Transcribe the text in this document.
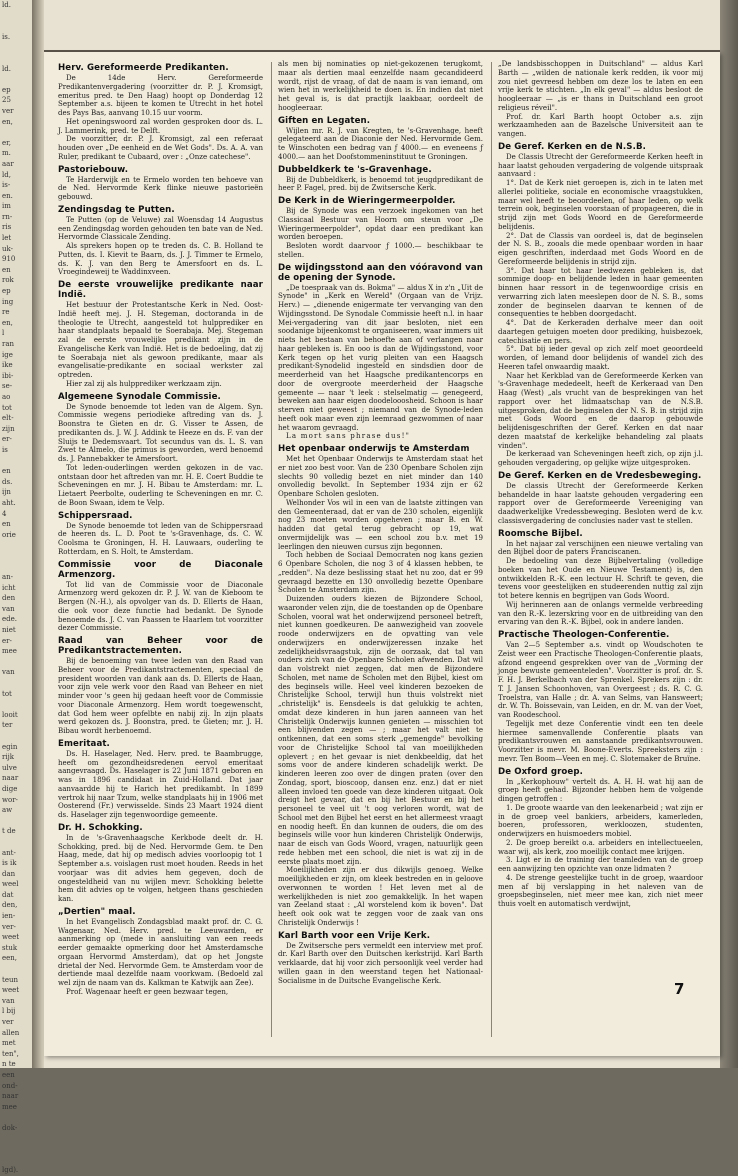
ld.

is.

ld.

ep
25
ver
en,

er,
m.
aar
ld,
is-
en.
im
rn-
ris
let
uk-
910
en
rok
ep
ing
re
en,
l
ran
ige
ike
ibi-
se-
ao
tot
elt-
zijn
er-
is

en
ds.
ijn
aht.
4
en
orie

an-
icht
den
van
ede.
niet
er-
mee

van

tot

looit
ter

egin
rijk
ulve
naar
dige
wor-
aw

t de

ant-
is ik
dan
weel
dat
den,
ien-
ver-
weet
stuk
een,

teun
weet
van
l bij
ver
allen
met
ten",
n te
een
ond-
naar
mee

dok-

lgd).
Herv. Gereformeerde Predikanten.

De 14de Herv. Gereformeerde Predikantenvergadering (voorzitter dr. P. J. Kromsigt, emeritus pred. te Den Haag) hoopt op Donderdag 12 September a.s. bijeen te komen te Utrecht in het hotel des Pays Bas, aanvang 10.15 uur voorm.

Het openingswoord zal worden gesproken door ds. L. J. Lammerink, pred. te Delft.

De voorzitter, dr. P. J. Kromsigt, zal een referaat houden over „De eenheid en de Wet Gods". Ds. A. A. van Ruler, predikant te Cubaard, over : „Onze catechese".

Pastoriebouw.

Te Harderwijk en te Ermelo worden ten behoeve van de Ned. Hervormde Kerk flinke nieuwe pastorieën gebouwd.

Zendingsdag te Putten.

Te Putten (op de Veluwe) zal Woensdag 14 Augustus een Zendingsdag worden gehouden ten bate van de Ned. Hervormde Classicale Zending.

Als sprekers hopen op te treden ds. C. B. Holland te Putten, ds. I. Kievit te Baarn, ds. J. J. Timmer te Ermelo, ds. K. J. van den Berg te Amersfoort en ds. L. Vroegindeweij te Waddinxveen.

De eerste vrouwelijke predikante naar Indië.

Het bestuur der Protestantsche Kerk in Ned. Oost-Indië heeft mej. J. H. Stegeman, doctoranda in de theologie te Utrecht, aangesteld tot hulpprediker en haar standplaats bepaald te Soerabaja. Mej. Stegeman zal de eerste vrouwelijke predikant zijn in de Evangelische Kerk van Indië. Het is de bedoeling, dat zij te Soerabaja niet als gewoon predikante, maar als evangelisatie-predikante en sociaal werkster zal optreden.

Hier zal zij als hulpprediker werkzaam zijn.

Algemeene Synodale Commissie.

De Synode benoemde tot leden van de Algem. Syn. Commissie wegens periodieke aftreding van ds. J. Boonstra te Gieten en dr. G. Visser te Assen, de predikanten ds. J. W. J. Addink te Heeze en ds. F. van der Sluijs te Dedemsvaart. Tot secundus van ds. L. S. van Zwet te Almelo, die primus is geworden, werd benoemd ds. J. Pannebakker te Amersfoort.

Tot leden-ouderlingen werden gekozen in de vac. ontstaan door het aftreden van mr. H. E. Coert Buddie te Scheveningen en mr. J. H. Bibau te Amsterdam: mr. L. Lietaert Peerbolte, ouderling te Scheveningen en mr. C. de Boon Swaan, idem te Velp.

Schippersraad.

De Synode benoemde tot leden van de Schippersraad de heeren ds. L. D. Poot te 's-Gravenhage, ds. C. W. Coolsma te Groningen, H. H. Lauwaars, ouderling te Rotterdam, en S. Holt, te Amsterdam.

Commissie voor de Diaconale Armenzorg.

Tot lid van de Commissie voor de Diaconale Armenzorg werd gekozen dr. P. J. W. van de Kieboom te Bergen (N.-H.), als opvolger van ds. D. Ellerts de Haan, die ook voor deze functie had bedankt. De Synode benoemde ds. J. C. van Paassen te Haarlem tot voorzitter dezer Commissie.

Raad van Beheer voor de Predikantstractementen.

Bij de benoeming van twee leden van den Raad van Beheer voor de Predikantstractementen, speciaal de president woorden van dank aan ds. D. Ellerts de Haan, voor zijn vele werk voor den Raad van Beheer en niet minder voor 's geen hij gedaan heeft voor de Commissie voor Diaconale Armenzorg. Hem wordt toegewenscht, dat God hem weer opfelbte en nabij zij. In zijn plaats werd gekozen ds. J. Boonstra, pred. te Gieten; mr. J. H. Bibau wordt herbenoemd.

Emeritaat.

Ds. H. Haselager, Ned. Herv. pred. te Baambrugge, heeft om gezondheidsredenen eervol emeritaat aangevraagd. Ds. Haselager is 22 Juni 1871 geboren en was in 1896 candidaat in Zuid-Holland. Dat jaar aanvaardde hij te Harich het predikambt. In 1899 vertrok hij naar Tzum, welke standplaats hij in 1906 met Oosterend (Fr.) verwisselde. Sinds 23 Maart 1924 dient ds. Haselager zijn tegenwoordige gemeente.

Dr. H. Schokking.

In de 's-Gravenhaagsche Kerkbode deelt dr. H. Schokking, pred. bij de Ned. Hervormde Gem. te Den Haag, mede, dat hij op medisch advies voorloopig tot 1 September a.s. voislagen rust moet houden. Reeds in het voorjaar was dit advies hem gegeven, doch de ongesteldheid van nu wijlen mevr. Schokking belette hem dit advies op te volgen, hetgeen thans geschieden kan.

„Dertien" maal.

In het Evangelisch Zondagsblad maakt prof. dr. C. G. Wagenaar, Ned. Herv. pred. te Leeuwarden, er aanmerking op (mede in aansluiting van een reeds eerder gemaakte opmerking door het Amsterdamsche orgaan Hervormd Amsterdam), dat op het Jongste drietal der Ned. Hervormde Gem. te Amsterdam voor de dertiende maal dezelfde naam voorkwam. (Bedoeld zal wel zijn de naam van ds. Kalkman te Katwijk aan Zee).

Prof. Wagenaar heeft er geen bezwaar tegen,

als men bij nominaties op niet-gekozenen terugkomt, maar als dertien maal eenzelfde naam gecandideerd wordt, rijst de vraag, of dat de naam is van iemand, om wien het in werkelijkheid te doen is. En indien dat niet het geval is, is dat practijk laakbaar, oordeelt de hoogleeraar.

Giften en Legaten.

Wijlen mr. R. J. van Kregten, te 's-Gravenhage, heeft gelegateerd aan de Diaconie der Ned. Hervormde Gem. te Winschoten een bedrag van ƒ 4000.— en eveneens ƒ 4000.— aan het Doofstommeninstituut te Groningen.

Dubbeldkerk te 's-Gravenhage.

Bij de Dubbeldkerk, is benoemd tot jeugdpredikant de heer P. Fagel, pred. bij de Zwitsersche Kerk.

De Kerk in de Wieringermeerpolder.

Bij de Synode was een verzoek ingekomen van het Classicaal Bestuur van Hoorn om steun voor „De Wieringermeerpolder", opdat daar een predikant kan worden beroepen.

Besloten wordt daarvoor ƒ 1000.— beschikbaar te stellen.

De wijdingsstond aan den vóóravond van de opening der Synode.

„De toespraak van ds. Bokma" — aldus X in z'n „Uit de Synode" in „Kerk en Wereld" (Orgaan van de Vrijz. Herv.) — „dienende enigermate ter vervanging van den Wijdingsstond. De Synodale Commissie heeft n.l. in haar Mei-vergadering van dit jaar besloten, niet een soodanige bijeenkomst te organiseeren, waar immers uit niets het bestaan van behoefte aan of verlangen naar haar gebleken is. En ooo is dan de Wijdingsstond, voor Kerk tegen op het vurig pleiten van een Haagsch predikant-Synodelid ingesteld en sindsdien door de meerderheid van het Haagsche predikantencorps en door de overgroote meerderheid der Haagsche gemeente — naar 't leek : stelselmatig — genegeerd, beweken aan haar eigen doodelooosheid. Schoon is haar sterven niet geweest ; niemand van de Synode-leden heeft ook maar even zijn leemraad gezwommen of naar het waarom gevraagd.

La mort sans phrase dus!"

Het openbaar onderwijs te Amsterdam

Met het Openbaar Onderwijs te Amsterdam staat het er niet zoo best voor. Van de 230 Openbare Scholen zijn slechts 90 volledig bezet en niet minder dan 140 onvolledig bevolkt. In September 1934 zijn er 62 Openbare Scholen gesloten.

Welhonder Vos wil in een van de laatste zittingen van den Gemeenteraad, dat er van de 230 scholen, eigenlijk nog 23 moeten worden opgeheven ; maar B. en W. hadden dat getal terug gebracht op 19, wat onvermijdelijk was — een school zou b.v. met 19 leerlingen den nieuwen cursus zijn begonnen.

Toch hebben de Sociaal Democraten nog kans gezien 6 Openbare Scholen, die nog 3 of 4 klassen hebben, te „redden". Na deze beslissing staat het nu zoo, dat er 99 gevraagd bezette en 130 onvolledig bezette Openbare Scholen te Amsterdam zijn.

Duizenden ouders kiezen de Bijzondere School, waaronder velen zijn, die de toestanden op de Openbare Scholen, vooral wat het onderwijzend personeel betreft, niet kunnen goedkeuren. De aanwezigheid van zoovele roode onderwijzers en de opvatting van vele onderwijzers en onderwijzeressen inzake het zedelijkheidsvraagstuk, zijn de oorzaak, dat tal van ouders zich van de Openbare Scholen afwenden. Dat wil dan volstrekt niet zeggen, dat men de Bijzondere Scholen, met name de Scholen met den Bijbel, kiest om des beginsels wille. Heel veel kinderen bezoeken de Christelijke School, terwijl hun thuis volstrekt niet „christelijk" is. Eensdeels is dat gelukkig te achten, omdat deze kinderen in hun jaren aanneen van het Christelijk Onderwijs kunnen genieten — misschien tot een blijvenden zegen — ; maar het valt niet te ontkennen, dat een soms sterk „gemengde" bevolking voor de Christelijke School tal van moeilijkheden oplevert ; en het gevaar is niet denkbeeldig, dat het soms voor de andere kinderen schadelijk werkt. De kinderen leeren zoo over de dingen praten (over den Zondag, sport, bioscoop, dansen enz. enz.) dat er niet alleen invloed ten goede van deze kinderen uitgaat. Ook dreigt het gevaar, dat en bij het Bestuur en bij het personeel te veel uit 't oog verloren wordt, wat de School met den Bijbel het eerst en het allermeest vraagt en noodig heeft. En dan kunnen de ouders, die om des beginsels wille voor hun kinderen Christelijk Onderwijs, naar de eisch van Gods Woord, vragen, natuurlijk geen rede hebben met een school, die niet is wat zij in de eerste plaats moet zijn.

Moeilijkheden zijn er dus dikwijls genoeg. Welke moeilijkheden er zijn, om kleek bestreden en in geloove overwonnen te worden ! Het leven met al de werkelijkheden is niet zoo gemakkelijk. In het wapen van Zeeland staat : „Al worstelend kom ik boven". Dat heeft ook ook wat te zeggen voor de zaak van ons Christelijk Onderwijs !

Karl Barth voor een Vrije Kerk.

De Zwitsersche pers vermeldt een interview met prof. dr. Karl Barth over den Duitschen kerkstrijd. Karl Barth verklaarde, dat hij voor zich persoonlijk veel verder had willen gaan in den weerstand tegen het Nationaal-Socialisme in de Duitsche Evangelische Kerk.

„De landsbisschoppen in Duitschland" — aldus Karl Barth — „wilden de nationale kerk redden, ik voor mij zou niet gevreesd hebben om deze los te laten en een vrije kerk te stichten. „In elk geval" — aldus besloot de hoogleeraar — „is er thans in Duitschland een groot religieus réveil".

Prof. dr. Karl Barth hoopt October a.s. zijn werkzaamheden aan de Bazelsche Universiteit aan te vangen.

De Geref. Kerken en de N.S.B.

De Classis Utrecht der Gereformeerde Kerken heeft in haar laatst gehouden vergadering de volgende uitspraak aanvaard :

1°. Dat de Kerk niet geroepen is, zich in te laten met allerlei politieke, sociale en economische vraagstukken, maar wel heeft te beoordeelen, of haar leden, op welk terrein ook, beginselen voorstaan of propageeren, die in strijd zijn met Gods Woord en de Gereformeerde belijdenis.

2°. Dat de Classis van oordeel is, dat de beginselen der N. S. B., zooals die mede openbaar worden in haar eigen geschriften, inderdaad met Gods Woord en de Gereformeerde belijdenis in strijd zijn.

3°. Dat haar tot haar leedwezen gebleken is, dat sommige doop- en belijdende leden in haar gemeenten binnen haar ressort in de tegenwoordige crisis en verwarring zich laten meeslepen door de N. S. B., soms zonder de beginselen daarvan te kennen of de consequenties te hebben doorgedacht.

4°. Dat de Kerkeraden derhalve meer dan ooit daartegen getuigen moeten door prediking, huisbezoek, catechisatie en pers.

5°. Dat bij ieder geval op zich zelf moet geoordeeld worden, of lemand door belijdenis of wandel zich des Heeren tafel onwaardig maakt.

Naar het Kerkblad van de Gereformeerde Kerken van 's-Gravenhage mededeelt, heeft de Kerkeraad van Den Haag (West) „als vrucht van de besprekingen van het rapport over het lidmaatschap van de N.S.B. uitgesproken, dat de beginselen der N. S. B. in strijd zijn met Gods Woord en de daarop gebouwde belijdenisgeschriften der Geref. Kerken en dat naar dezen maatstaf de kerkelijke behandeling zal plaats vinden".

De kerkeraad van Scheveningen heeft zich, op zijn j.l. gehouden vergadering, op gelijke wijze uitgesproken.

De Geref. Kerken en de Vredesbeweging.

De classis Utrecht der Gereformeerde Kerken behandelde in haar laatste gehouden vergadering een rapport over de Gereformeerde Vereeniging van daadwerkelijke Vredessbeweging. Besloten werd de k.v. classisvergadering de conclusies nader vast te stellen.

Roomsche Bijbel.

In het najaar zal verschijnen een nieuwe vertaling van den Bijbel door de paters Franciscanen.

De bedoeling van deze Bijbelvertaling (volledige boeken van het Oude en Nieuwe Testament) is, den ontwikkelden R.-K. een lectuur H. Schrift te geven, die tevens voor geestelijken en studeerenden nuttig zal zijn tot betere kennis en begrijpen van Gods Woord.

Wij herinneren aan de onlangs vermelde verbreeding van den R.-K. lezerskring voor en de uitbreiding van den ervaring van den R.-K. Bijbel, ook in andere landen.

Practische Theologen-Conferentie.

Van 2—5 September a.s. vindt op Woudschoten te Zeist weer een Practische Theologen-Conferentie plaats, afzond engeend gesprekken over van de „Vorming der jonge bewuste gemeenteleden". Voorzitter is prof. dr. S. F. H. J. Berkelbach van der Sprenkel. Sprekers zijn : dr. T. J. Jansen Schoonhoven, van Overgeest ; ds. R. C. G. Troelstra, van Halle ; dr. A. van Selms, van Hansweert; dr. W. Th. Boissevain, van Leiden, en dr. M. van der Voet, van Roodeschool.

Tegelijk met deze Conferentie vindt een ten deele hiermee samenvallende Conferentie plaats van predikantsvrouwen en aanstaande predikantsvrouwen. Voorzitter is mevr. M. Boone-Everts. Spreeksters zijn : mevr. Ten Boom—Veen en mej. C. Slotemaker de Bruïne.

De Oxford groep.

In „Kerkophouw" vertelt ds. A. H. H. wat hij aan de groep heeft gehad. Bijzonder hebben hem de volgende dingen getroffen :

1. De groote waarde van den leekenarbeid ; wat zijn er in de groep veel bankiers, arbeiders, kamerleden, boeren, professoren, werkloozen, studenten, onderwijzers en huismoeders mobiel.

2. De groep bereikt o.a. arbeiders en intellectueelen, waar wij, als kerk, zoo moeilijk contact mee krijgen.

3. Ligt er in de training der teamleden van de groep een aanwijzing ten opzichte van onze lidmaten ?

4. De strenge geestelijke tucht in de groep, waardoor men af bij verslapping in het naleven van de groepsbeginselen, niet meer mee kan, zich niet meer thuis voelt en automatisch verdwijnt,

7
